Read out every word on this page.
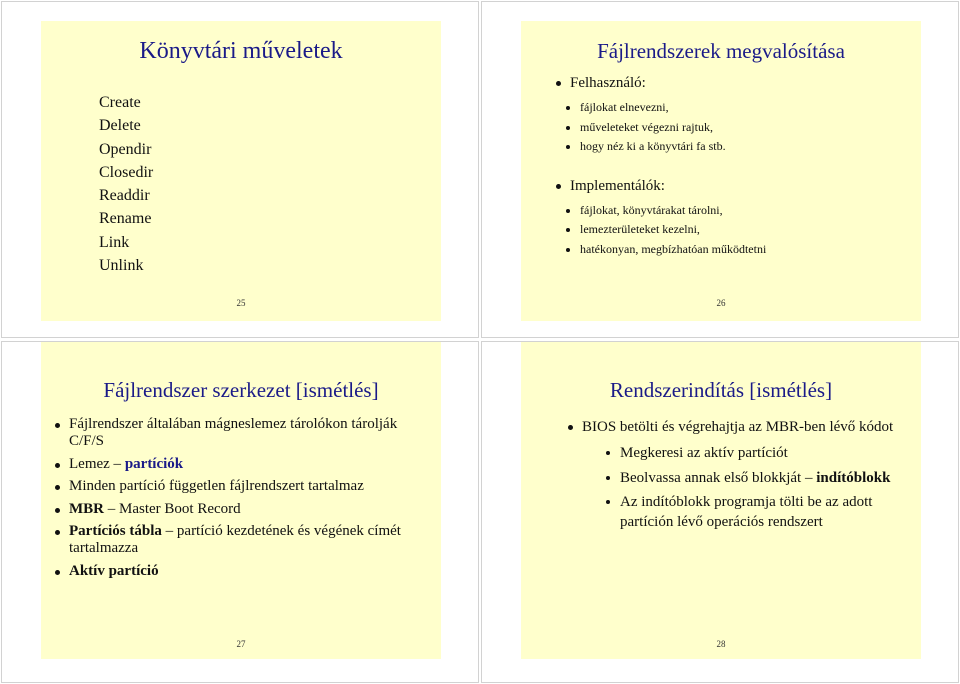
Könyvtári műveletek
Create
Delete
Opendir
Closedir
Readdir
Rename
Link
Unlink
25
Fájlrendszerek megvalósítása
Felhasználó:
fájlokat elnevezni,
műveleteket végezni rajtuk,
hogy néz ki a könyvtári fa stb.
Implementálók:
fájlokat, könyvtárakat tárolni,
lemezterületeket kezelni,
hatékonyan, megbízhatóan működtetni
26
Fájlrendszer szerkezet [ismétlés]
Fájlrendszer általában mágneslemez tárolókon tárolják C/F/S
Lemez – partíciók
Minden partíció független fájlrendszert tartalmaz
MBR – Master Boot Record
Partíciós tábla – partíció kezdetének és végének címét tartalmazza
Aktív partíció
27
Rendszerindítás [ismétlés]
BIOS betölti és végrehajtja az MBR-ben lévő kódot
Megkeresi az aktív partíciót
Beolvassa annak első blokkját – indítóblokk
Az indítóblokk programja tölti be az adott partíción lévő operációs rendszert
28
